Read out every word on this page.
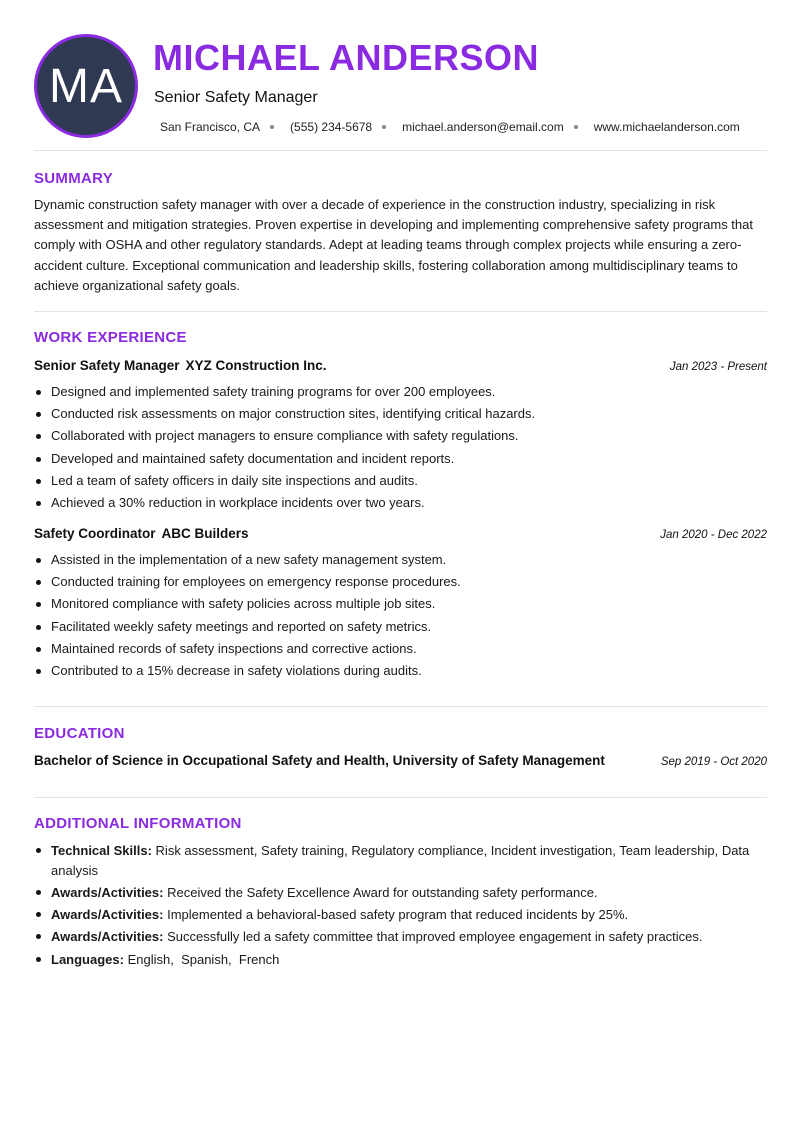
MA
MICHAEL ANDERSON
Senior Safety Manager
San Francisco, CA	(555) 234-5678	michael.anderson@email.com	www.michaelanderson.com
SUMMARY
Dynamic construction safety manager with over a decade of experience in the construction industry, specializing in risk assessment and mitigation strategies. Proven expertise in developing and implementing comprehensive safety programs that comply with OSHA and other regulatory standards. Adept at leading teams through complex projects while ensuring a zero-accident culture. Exceptional communication and leadership skills, fostering collaboration among multidisciplinary teams to achieve organizational safety goals.
WORK EXPERIENCE
Senior Safety Manager XYZ Construction Inc.	Jan 2023 - Present
Designed and implemented safety training programs for over 200 employees.
Conducted risk assessments on major construction sites, identifying critical hazards.
Collaborated with project managers to ensure compliance with safety regulations.
Developed and maintained safety documentation and incident reports.
Led a team of safety officers in daily site inspections and audits.
Achieved a 30% reduction in workplace incidents over two years.
Safety Coordinator ABC Builders	Jan 2020 - Dec 2022
Assisted in the implementation of a new safety management system.
Conducted training for employees on emergency response procedures.
Monitored compliance with safety policies across multiple job sites.
Facilitated weekly safety meetings and reported on safety metrics.
Maintained records of safety inspections and corrective actions.
Contributed to a 15% decrease in safety violations during audits.
EDUCATION
Bachelor of Science in Occupational Safety and Health, University of Safety Management	Sep 2019 - Oct 2020
ADDITIONAL INFORMATION
Technical Skills: Risk assessment, Safety training, Regulatory compliance, Incident investigation, Team leadership, Data analysis
Awards/Activities: Received the Safety Excellence Award for outstanding safety performance.
Awards/Activities: Implemented a behavioral-based safety program that reduced incidents by 25%.
Awards/Activities: Successfully led a safety committee that improved employee engagement in safety practices.
Languages: English,  Spanish,  French
